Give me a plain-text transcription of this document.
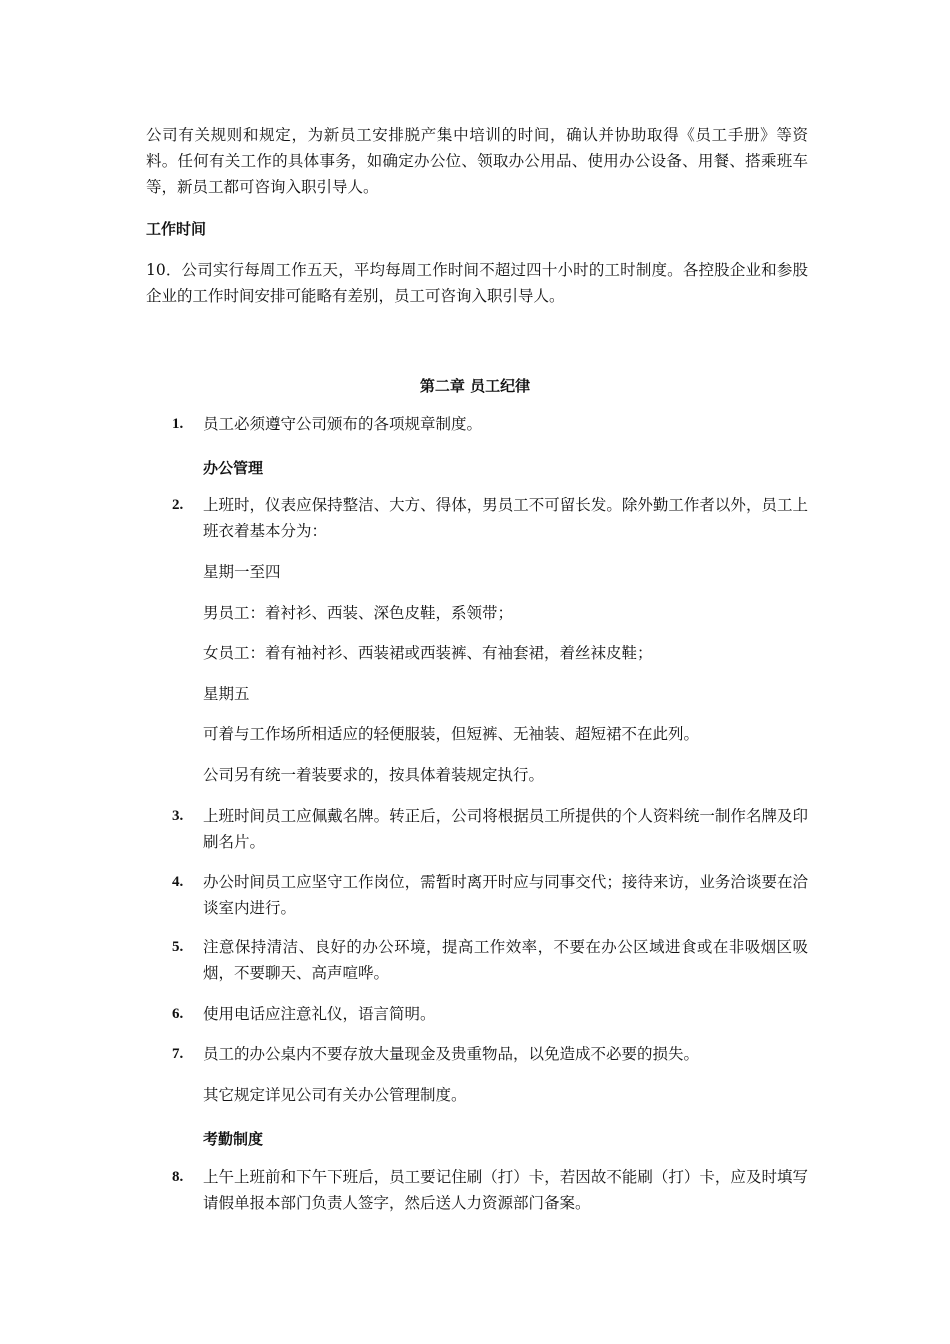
公司有关规则和规定，为新员工安排脱产集中培训的时间，确认并协助取得《员工手册》等资料。任何有关工作的具体事务，如确定办公位、领取办公用品、使用办公设备、用餐、搭乘班车等，新员工都可咨询入职引导人。

工作时间

10．公司实行每周工作五天，平均每周工作时间不超过四十小时的工时制度。各控股企业和参股企业的工作时间安排可能略有差别，员工可咨询入职引导人。

第二章 员工纪律

1.	员工必须遵守公司颁布的各项规章制度。

办公管理

2.	上班时，仪表应保持整洁、大方、得体，男员工不可留长发。除外勤工作者以外，员工上班衣着基本分为：

星期一至四

男员工：着衬衫、西装、深色皮鞋，系领带；

女员工：着有袖衬衫、西装裙或西装裤、有袖套裙，着丝袜皮鞋；

星期五

可着与工作场所相适应的轻便服装，但短裤、无袖装、超短裙不在此列。

公司另有统一着装要求的，按具体着装规定执行。

3.	上班时间员工应佩戴名牌。转正后，公司将根据员工所提供的个人资料统一制作名牌及印刷名片。
4.	办公时间员工应坚守工作岗位，需暂时离开时应与同事交代；接待来访，业务洽谈要在洽谈室内进行。
5.	注意保持清洁、良好的办公环境，提高工作效率，不要在办公区域进食或在非吸烟区吸烟，不要聊天、高声喧哗。
6.	使用电话应注意礼仪，语言简明。
7.	员工的办公桌内不要存放大量现金及贵重物品，以免造成不必要的损失。

其它规定详见公司有关办公管理制度。

考勤制度

8.	上午上班前和下午下班后，员工要记住刷（打）卡，若因故不能刷（打）卡，应及时填写请假单报本部门负责人签字，然后送人力资源部门备案。
